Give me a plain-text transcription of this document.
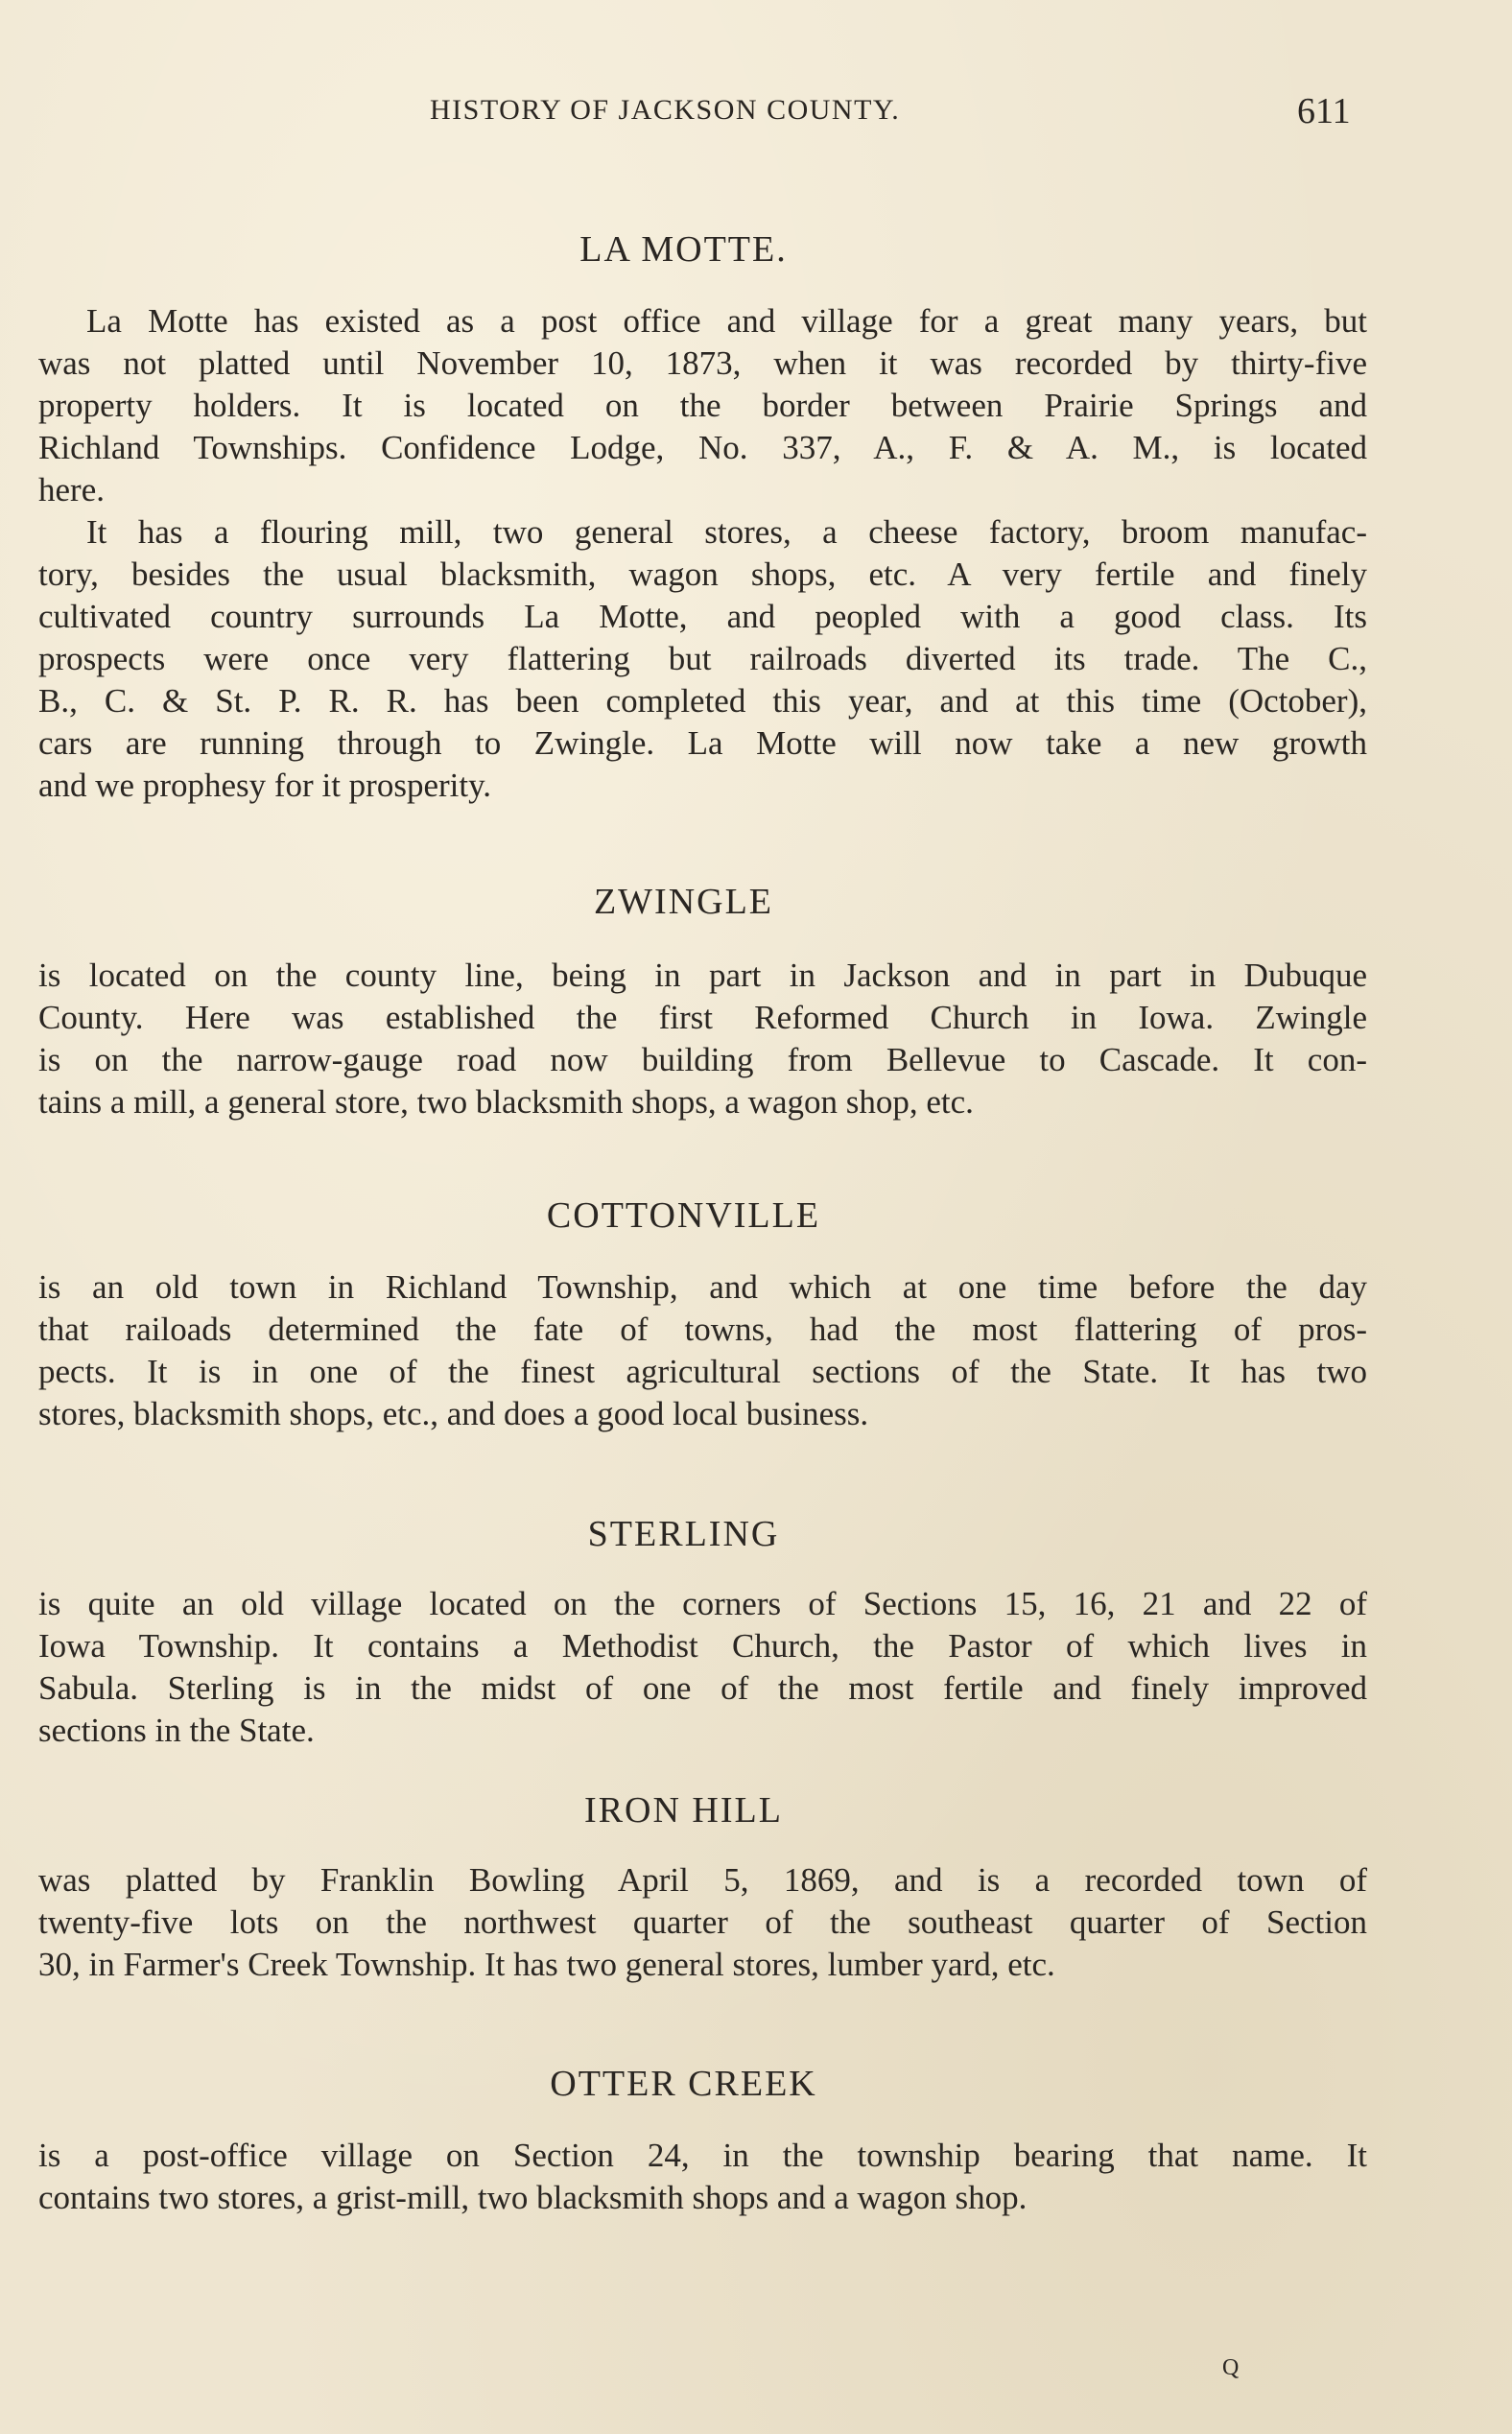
HISTORY OF JACKSON COUNTY.	611
LA MOTTE.
La Motte has existed as a post office and village for a great many years, but
was not platted until November 10, 1873, when it was recorded by thirty-five
property holders. It is located on the border between Prairie Springs and
Richland Townships. Confidence Lodge, No. 337, A., F. & A. M., is located
here.
It has a flouring mill, two general stores, a cheese factory, broom manufac-
tory, besides the usual blacksmith, wagon shops, etc. A very fertile and finely
cultivated country surrounds La Motte, and peopled with a good class. Its
prospects were once very flattering but railroads diverted its trade. The C.,
B., C. & St. P. R. R. has been completed this year, and at this time (October),
cars are running through to Zwingle. La Motte will now take a new growth
and we prophesy for it prosperity.
ZWINGLE
is located on the county line, being in part in Jackson and in part in Dubuque
County. Here was established the first Reformed Church in Iowa. Zwingle
is on the narrow-gauge road now building from Bellevue to Cascade. It con-
tains a mill, a general store, two blacksmith shops, a wagon shop, etc.
COTTONVILLE
is an old town in Richland Township, and which at one time before the day
that railoads determined the fate of towns, had the most flattering of pros-
pects. It is in one of the finest agricultural sections of the State. It has two
stores, blacksmith shops, etc., and does a good local business.
STERLING
is quite an old village located on the corners of Sections 15, 16, 21 and 22 of
Iowa Township. It contains a Methodist Church, the Pastor of which lives in
Sabula. Sterling is in the midst of one of the most fertile and finely improved
sections in the State.
IRON HILL
was platted by Franklin Bowling April 5, 1869, and is a recorded town of
twenty-five lots on the northwest quarter of the southeast quarter of Section
30, in Farmer's Creek Township. It has two general stores, lumber yard, etc.
OTTER CREEK
is a post-office village on Section 24, in the township bearing that name. It
contains two stores, a grist-mill, two blacksmith shops and a wagon shop.
Q
